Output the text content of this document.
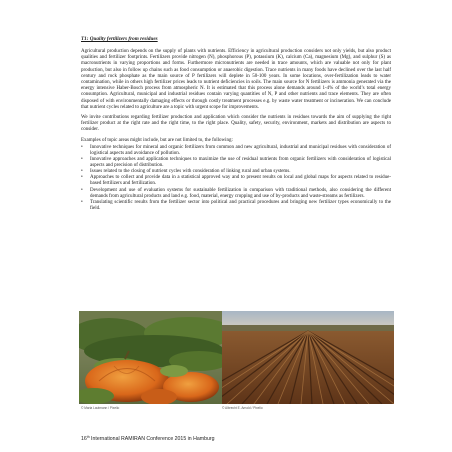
T1: Quality fertilizers from residues

Agricultural production depends on the supply of plants with nutrients. Efficiency in agricultural production considers not only yields, but also product qualities and fertilizer footprints. Fertilizers provide nitrogen (N), phosphorous (P), potassium (K), calcium (Ca), magnesium (Mg), and sulphur (S) as macronutrients in varying proportions and forms. Furthermore micronutrients are needed in trace amounts, which are valuable not only for plant production, but also in follow up chains such as food consumption or anaerobic digestion. Trace nutrients in many foods have declined over the last half century and rock phosphate as the main source of P fertilizers will deplete in 50-100 years. In some locations, over-fertilization leads to water contamination, while in others high fertilizer prices leads to nutrient deficiencies in soils. The main source for N fertilizers is ammonia generated via the energy intensive Haber-Bosch process from atmospheric N. It is estimated that this process alone demands around 1-4% of the world’s total energy consumption. Agricultural, municipal and industrial residues contain varying quantities of N, P and other nutrients and trace elements. They are often disposed of with environmentally damaging effects or through costly treatment processes e.g. by waste water treatment or incineration. We can conclude that nutrient cycles related to agriculture are a topic with urgent scope for improvements.

We invite contributions regarding fertilizer production and application which consider the nutrients in residues towards the aim of supplying the right fertilizer product at the right rate and the right time, to the right place. Quality, safety, security, environment, markets and distribution are aspects to consider.

Examples of topic areas might include, but are not limited to, the following:

• Innovative techniques for mineral and organic fertilizers from common and new agricultural, industrial and municipal residues with consideration of logistical aspects and avoidance of pollution.
• Innovative approaches and application techniques to maximize the use of residual nutrients from organic fertilizers with consideration of logistical aspects and precision of distribution.
• Issues related to the closing of nutrient cycles with consideration of linking rural and urban systems.
• Approaches to collect and provide data in a statistical approved way and to present results on local and global maps for aspects related to residue-based fertilizers and fertilization.
• Development and use of evaluation systems for sustainable fertilization in comparison with traditional methods, also considering the different demands from agricultural products and land e.g. food, material, energy cropping and use of by-products and waste-streams as fertilizers.
• Translating scientific results from the fertilizer sector into political and practical procedures and bringing new fertilizer types economically to the field.
© Maria Lautmann / Pixelio	© Albrecht E. Arnold / Pixelio
16th International RAMIRAN Conference 2015 in Hamburg
